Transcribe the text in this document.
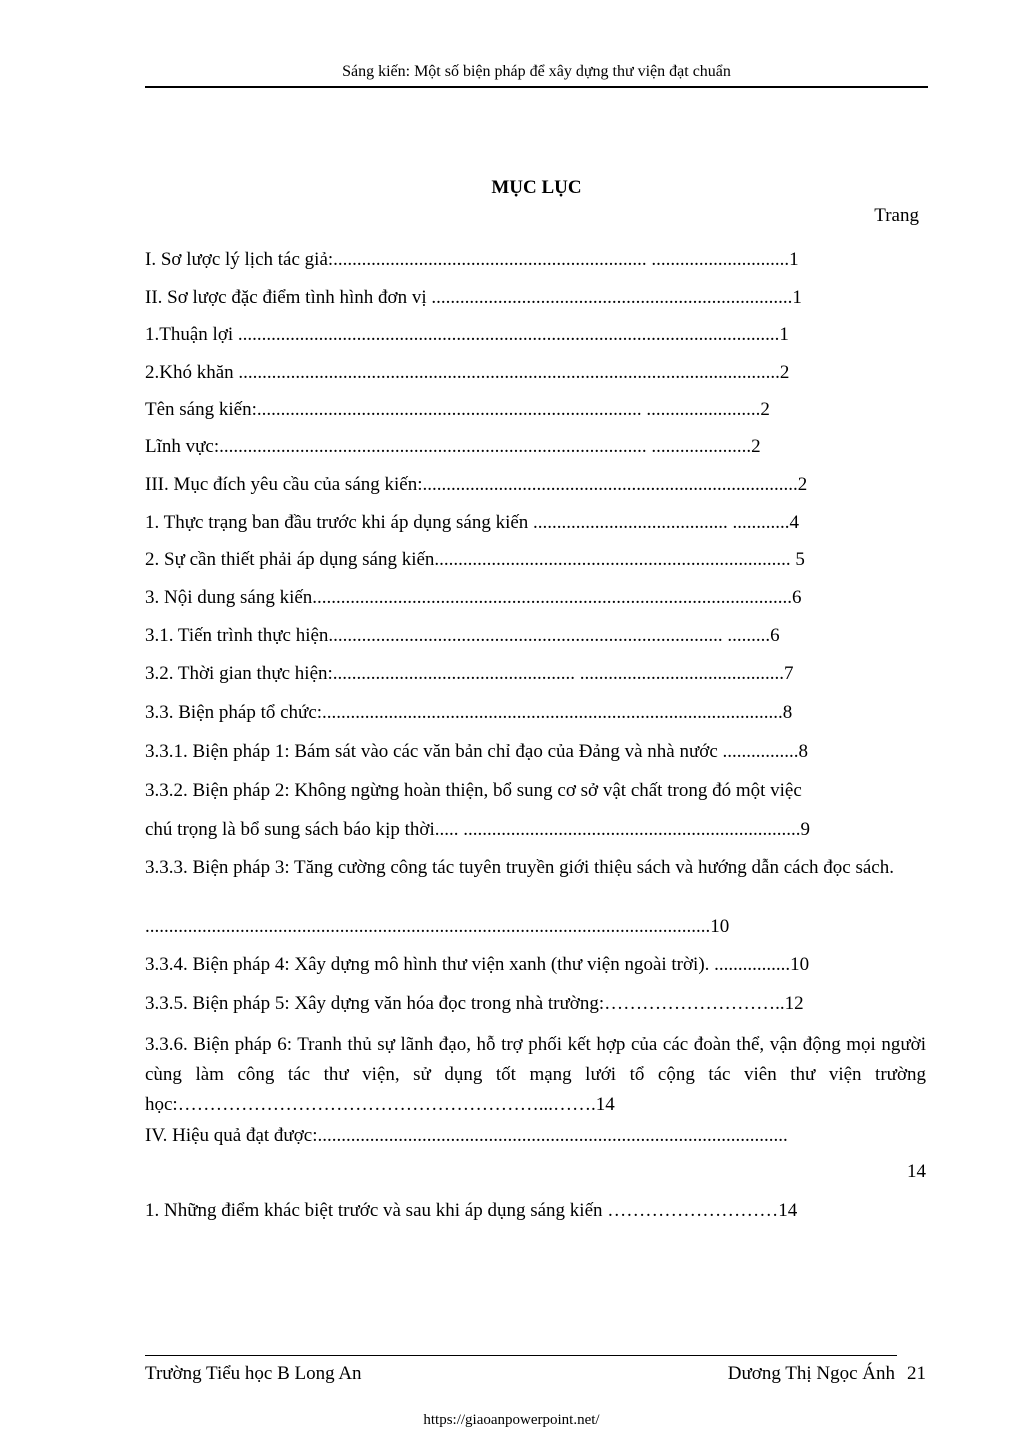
Sáng kiến: Một số biện pháp để xây dựng thư viện đạt chuẩn
MỤC LỤC
Trang
I. Sơ lược lý lịch tác giả:.................................................................. .............................1
II. Sơ lược đặc điểm tình hình đơn vị ............................................................................1
1.Thuận lợi ..................................................................................................................1
2.Khó khăn ..................................................................................................................2
Tên sáng kiến:................................................................................. ........................2
Lĩnh vực:.......................................................................................... .....................2
III. Mục đích yêu cầu của sáng kiến:...............................................................................2
1. Thực trạng ban đầu trước khi áp dụng sáng kiến ......................................... ............4
2. Sự cần thiết phải áp dụng sáng kiến........................................................................... 5
3. Nội dung sáng kiến.....................................................................................................6
3.1. Tiến trình thực hiện................................................................................... .........6
3.2. Thời gian thực hiện:................................................... ...........................................7
3.3. Biện pháp tổ chức:.................................................................................................8
3.3.1. Biện pháp 1: Bám sát vào các văn bản chỉ đạo của Đảng và nhà nước ................8
3.3.2. Biện pháp 2: Không ngừng hoàn thiện, bổ sung cơ sở vật chất trong đó một việc
chú trọng là bổ sung sách báo kịp thời..... .......................................................................9
3.3.3. Biện pháp 3: Tăng cường công tác tuyên truyền giới thiệu sách và hướng dẫn cách đọc sách.
.......................................................................................................................10
3.3.4. Biện pháp 4: Xây dựng mô hình thư viện xanh (thư viện ngoài trời). ................10
3.3.5. Biện pháp 5: Xây dựng văn hóa đọc trong nhà trường:………………………..12
3.3.6. Biện pháp 6: Tranh thủ sự lãnh đạo, hỗ trợ phối kết hợp của các đoàn thể, vận động mọi người cùng làm công tác thư viện, sử dụng tốt mạng lưới tổ cộng tác viên thư viện trường học:…………………………………………………...…….14
IV. Hiệu quả đạt được:...................................................................................................
14
1. Những điểm khác biệt trước và sau khi áp dụng sáng kiến ………………………14
Trường Tiểu học B Long An	Dương Thị Ngọc Ánh 21
https://giaoanpowerpoint.net/
